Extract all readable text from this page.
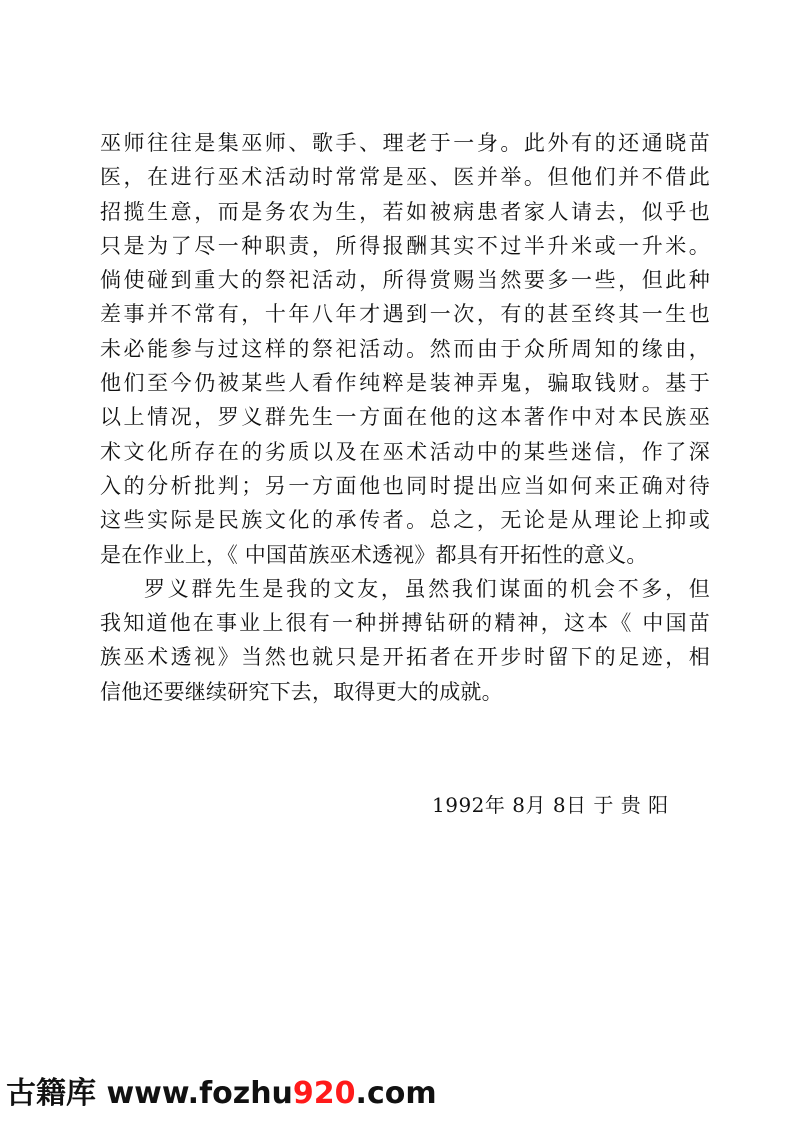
巫师往往是集巫师、歌手、理老于一身。此外有的还通晓苗
医，在进行巫术活动时常常是巫、医并举。但他们并不借此
招揽生意，而是务农为生，若如被病患者家人请去，似乎也
只是为了尽一种职责，所得报酬其实不过半升米或一升米。
倘使碰到重大的祭祀活动，所得赏赐当然要多一些，但此种
差事并不常有，十年八年才遇到一次，有的甚至终其一生也
未必能参与过这样的祭祀活动。然而由于众所周知的缘由，
他们至今仍被某些人看作纯粹是装神弄鬼，骗取钱财。基于
以上情况，罗义群先生一方面在他的这本著作中对本民族巫
术文化所存在的劣质以及在巫术活动中的某些迷信，作了深
入的分析批判；另一方面他也同时提出应当如何来正确对待
这些实际是民族文化的承传者。总之，无论是从理论上抑或
是在作业上，《 中国苗族巫术透视》都具有开拓性的意义。
罗义群先生是我的文友，虽然我们谋面的机会不多，但
我知道他在事业上很有一种拼搏钻研的精神，这本《 中国苗
族巫术透视》当然也就只是开拓者在开步时留下的足迹，相
信他还要继续研究下去，取得更大的成就。
1992年 8月 8日 于 贵 阳
古籍库 www.fozhu920.com
